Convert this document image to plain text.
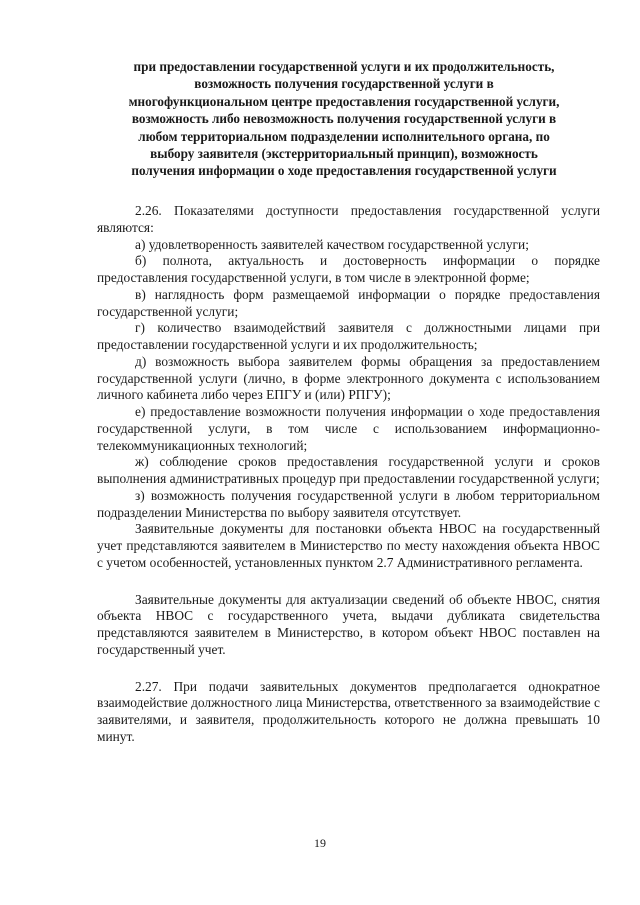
при предоставлении государственной услуги и их продолжительность,
возможность получения государственной услуги в
многофункциональном центре предоставления государственной услуги,
возможность либо невозможность получения государственной услуги в
любом территориальном подразделении исполнительного органа, по
выбору заявителя (экстерриториальный принцип), возможность
получения информации о ходе предоставления государственной услуги

2.26. Показателями доступности предоставления государственной услуги являются:

а) удовлетворенность заявителей качеством государственной услуги;

б) полнота, актуальность и достоверность информации о порядке предоставления государственной услуги, в том числе в электронной форме;

в) наглядность форм размещаемой информации о порядке предоставления государственной услуги;

г) количество взаимодействий заявителя с должностными лицами при предоставлении государственной услуги и их продолжительность;

д) возможность выбора заявителем формы обращения за предоставлением государственной услуги (лично, в форме электронного документа с использованием личного кабинета либо через ЕПГУ и (или) РПГУ);

е) предоставление возможности получения информации о ходе предоставления государственной услуги, в том числе с использованием информационно-телекоммуникационных технологий;

ж) соблюдение сроков предоставления государственной услуги и сроков выполнения административных процедур при предоставлении государственной услуги;

з) возможность получения государственной услуги в любом территориальном подразделении Министерства по выбору заявителя отсутствует.

Заявительные документы для постановки объекта НВОС на государственный учет представляются заявителем в Министерство по месту нахождения объекта НВОС с учетом особенностей, установленных пунктом 2.7 Административного регламента.

Заявительные документы для актуализации сведений об объекте НВОС, снятия объекта НВОС с государственного учета, выдачи дубликата свидетельства представляются заявителем в Министерство, в котором объект НВОС поставлен на государственный учет.

2.27. При подачи заявительных документов предполагается однократное взаимодействие должностного лица Министерства, ответственного за взаимодействие с заявителями, и заявителя, продолжительность которого не должна превышать 10 минут.

19
